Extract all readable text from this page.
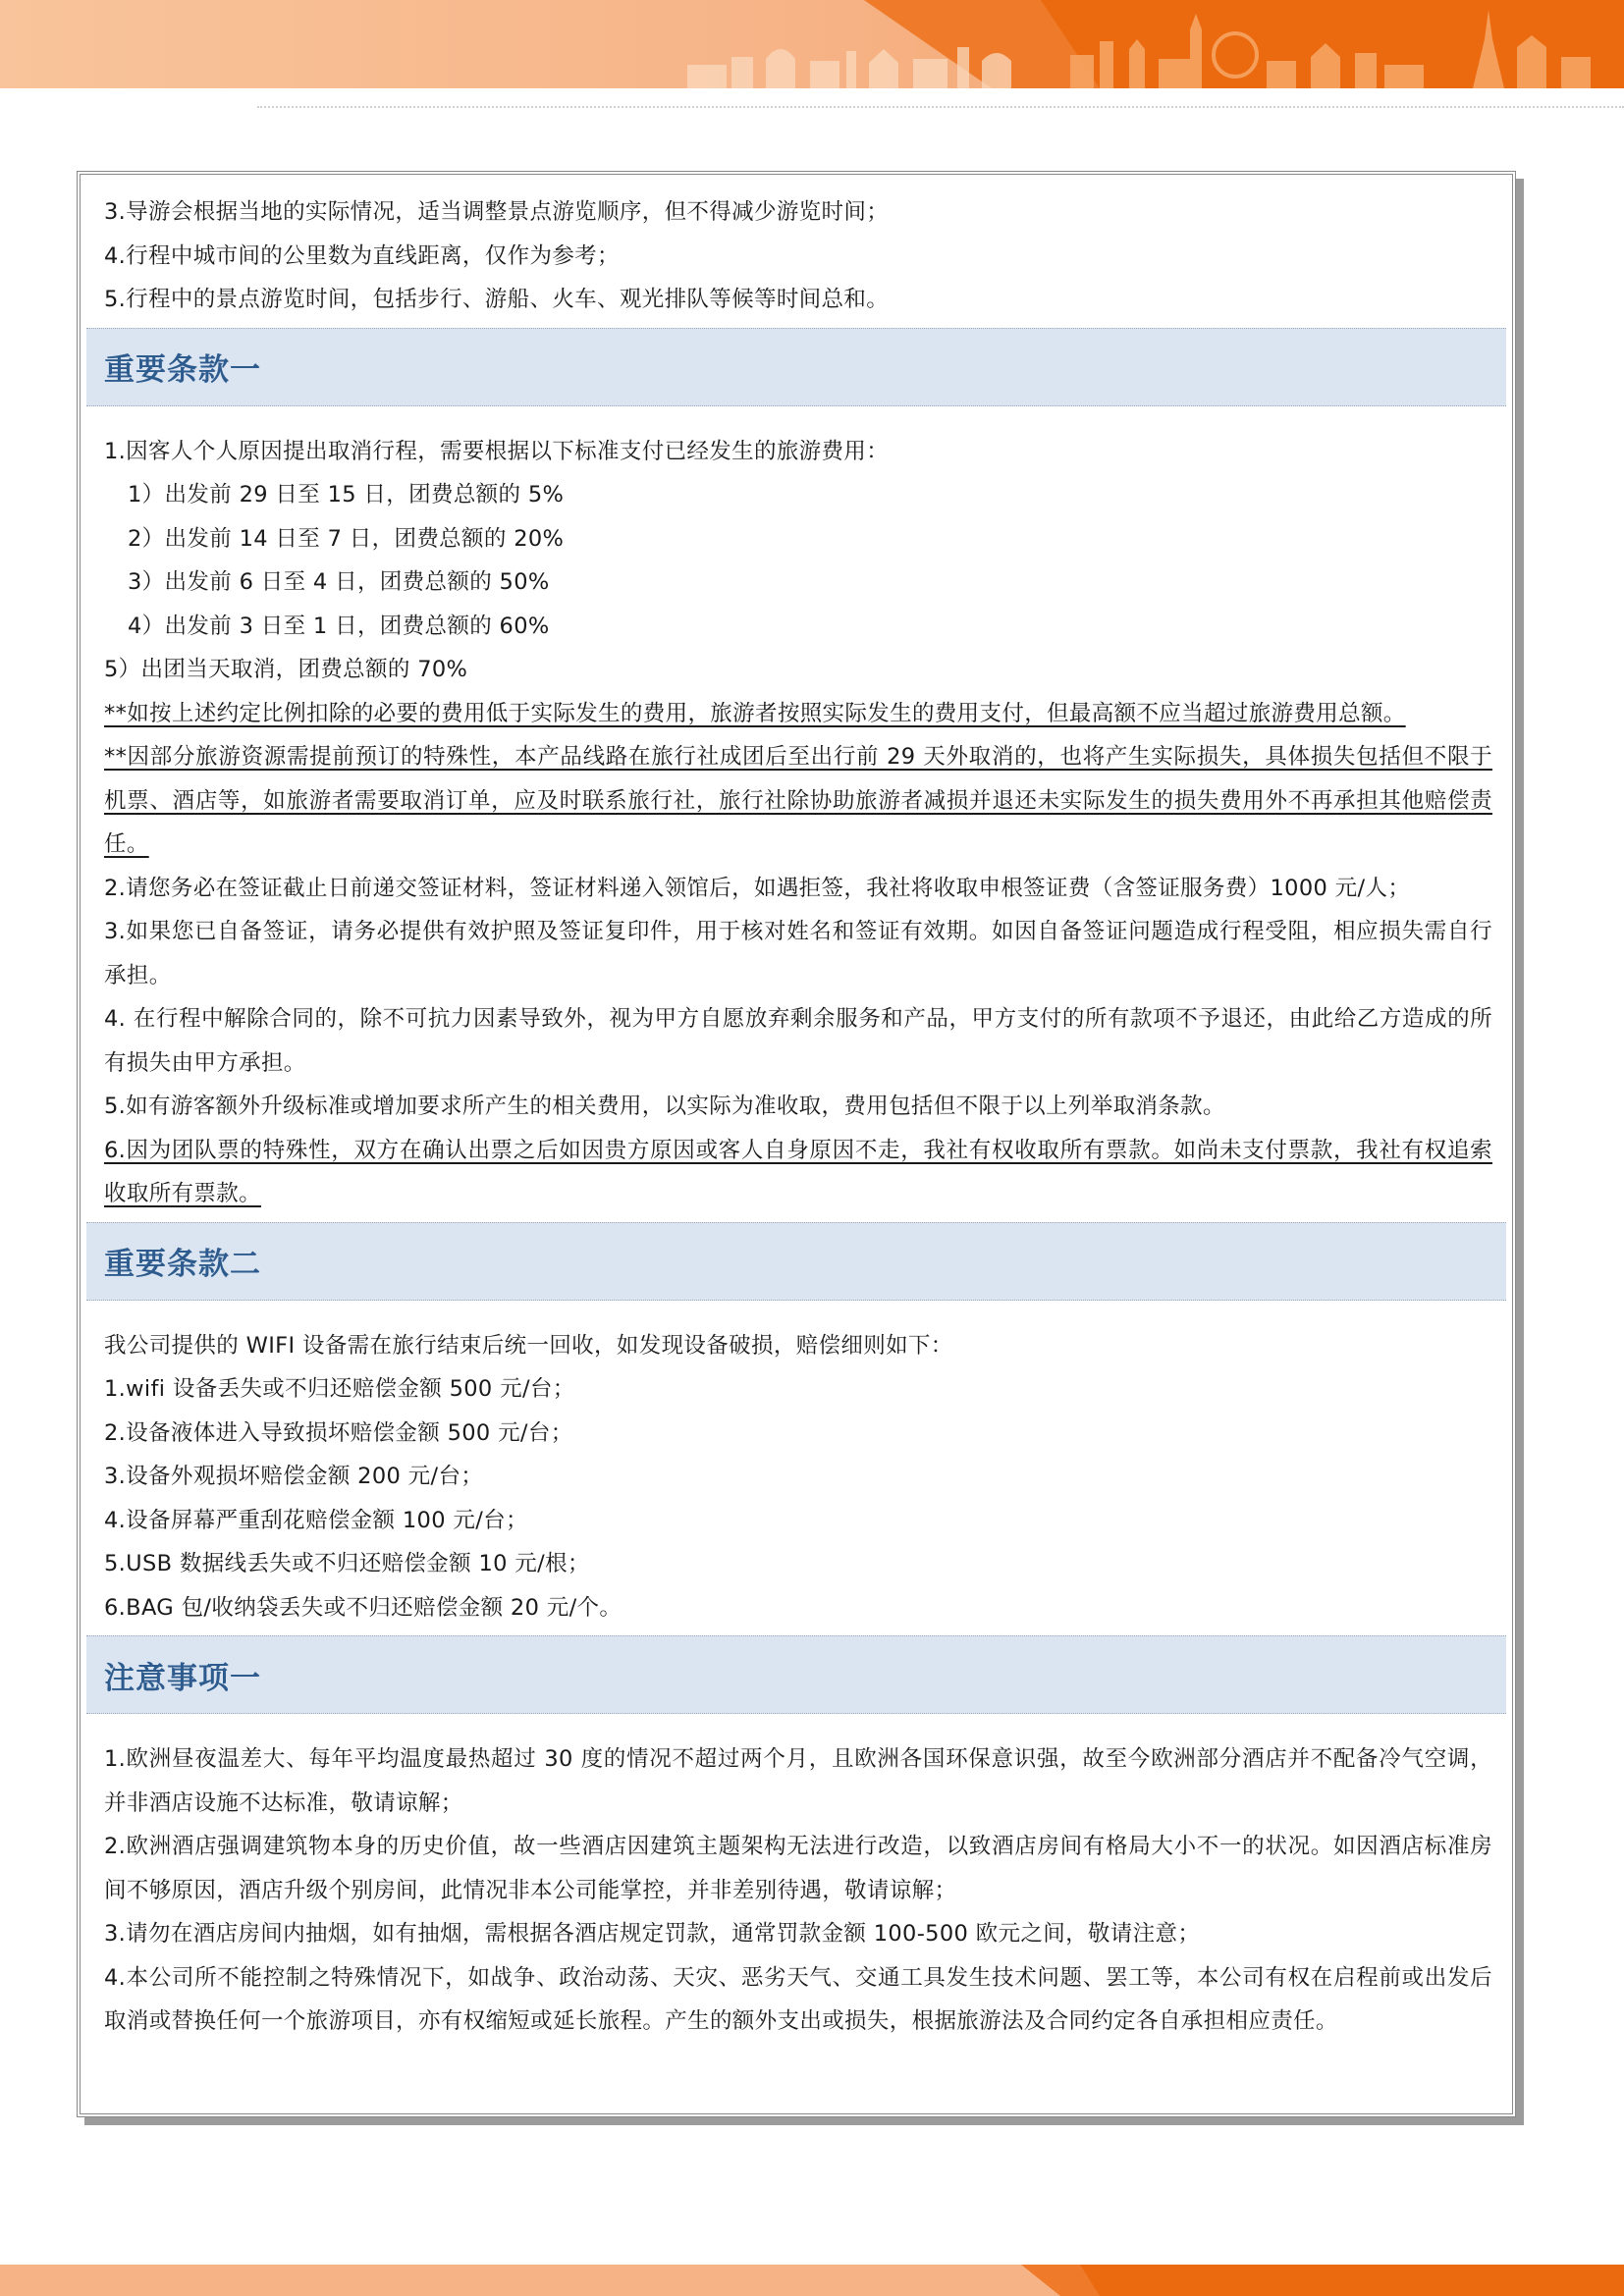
3.导游会根据当地的实际情况，适当调整景点游览顺序，但不得减少游览时间；

4.行程中城市间的公里数为直线距离，仅作为参考；

5.行程中的景点游览时间，包括步行、游船、火车、观光排队等候等时间总和。

重要条款一

1.因客人个人原因提出取消行程，需要根据以下标准支付已经发生的旅游费用：

1）出发前 29 日至 15 日，团费总额的 5%

2）出发前 14 日至 7 日，团费总额的 20%

3）出发前 6 日至 4 日，团费总额的 50%

4）出发前 3 日至 1 日，团费总额的 60%

5）出团当天取消，团费总额的 70%

**如按上述约定比例扣除的必要的费用低于实际发生的费用，旅游者按照实际发生的费用支付，但最高额不应当超过旅游费用总额。

**因部分旅游资源需提前预订的特殊性，本产品线路在旅行社成团后至出行前 29 天外取消的，也将产生实际损失，具体损失包括但不限于机票、酒店等，如旅游者需要取消订单，应及时联系旅行社，旅行社除协助旅游者减损并退还未实际发生的损失费用外不再承担其他赔偿责任。

2.请您务必在签证截止日前递交签证材料，签证材料递入领馆后，如遇拒签，我社将收取申根签证费（含签证服务费）1000 元/人；

3.如果您已自备签证，请务必提供有效护照及签证复印件，用于核对姓名和签证有效期。如因自备签证问题造成行程受阻，相应损失需自行承担。

4. 在行程中解除合同的，除不可抗力因素导致外，视为甲方自愿放弃剩余服务和产品，甲方支付的所有款项不予退还，由此给乙方造成的所有损失由甲方承担。

5.如有游客额外升级标准或增加要求所产生的相关费用，以实际为准收取，费用包括但不限于以上列举取消条款。

6.因为团队票的特殊性，双方在确认出票之后如因贵方原因或客人自身原因不走，我社有权收取所有票款。如尚未支付票款，我社有权追索收取所有票款。

重要条款二

我公司提供的 WIFI 设备需在旅行结束后统一回收，如发现设备破损，赔偿细则如下：

1.wifi 设备丢失或不归还赔偿金额 500 元/台；

2.设备液体进入导致损坏赔偿金额 500 元/台；

3.设备外观损坏赔偿金额 200 元/台；

4.设备屏幕严重刮花赔偿金额 100 元/台；

5.USB 数据线丢失或不归还赔偿金额 10 元/根；

6.BAG 包/收纳袋丢失或不归还赔偿金额 20 元/个。

注意事项一

1.欧洲昼夜温差大、每年平均温度最热超过 30 度的情况不超过两个月，且欧洲各国环保意识强，故至今欧洲部分酒店并不配备冷气空调，并非酒店设施不达标准，敬请谅解；

2.欧洲酒店强调建筑物本身的历史价值，故一些酒店因建筑主题架构无法进行改造，以致酒店房间有格局大小不一的状况。如因酒店标准房间不够原因，酒店升级个别房间，此情况非本公司能掌控，并非差别待遇，敬请谅解；

3.请勿在酒店房间内抽烟，如有抽烟，需根据各酒店规定罚款，通常罚款金额 100-500 欧元之间，敬请注意；

4.本公司所不能控制之特殊情况下，如战争、政治动荡、天灾、恶劣天气、交通工具发生技术问题、罢工等，本公司有权在启程前或出发后取消或替换任何一个旅游项目，亦有权缩短或延长旅程。产生的额外支出或损失，根据旅游法及合同约定各自承担相应责任。
